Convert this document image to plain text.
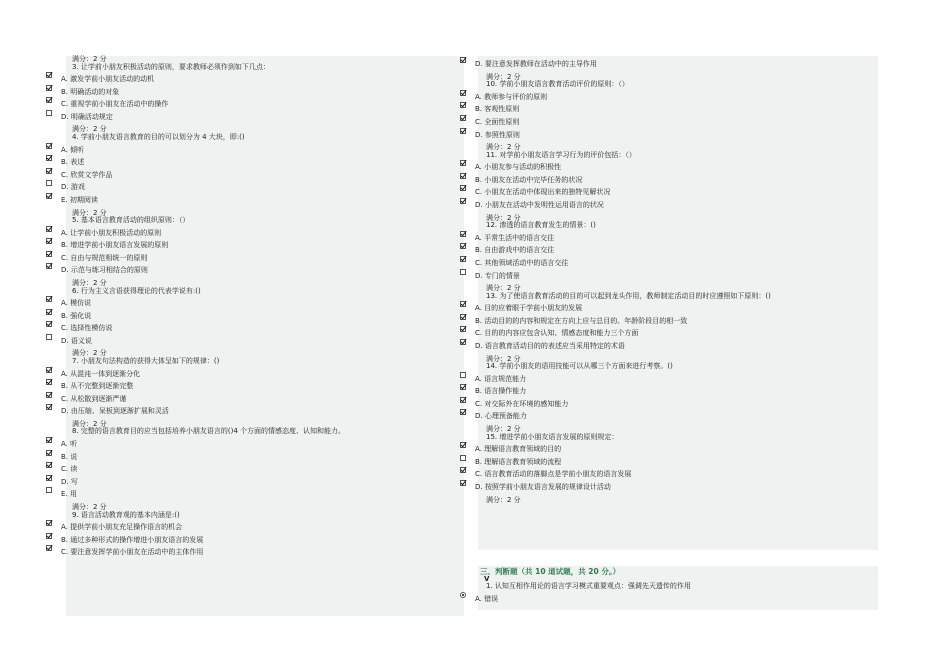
满分：2 分
3. 让学前小朋友积极活动的原则，要求教师必须作到如下几点：
A. 激发学前小朋友活动的动机
B. 明确活动的对象
C. 重视学前小朋友在活动中的操作
D. 明确活动规定
满分：2 分
4. 学前小朋友语言教育的目的可以划分为 4 大块，即:()
A. 倾听
B. 表述
C. 欣赏文学作品
D. 游戏
E. 初期阅读
满分：2 分
5. 基本语言教育活动的组织原则：（）
A. 让学前小朋友积极活动的原则
B. 增进学前小朋友语言发展的原则
C. 自由与规范相统一的原则
D. 示范与练习相结合的原则
满分：2 分
6. 行为主义言语获得理论的代表学说有:()
A. 模仿说
B. 强化说
C. 选择性模仿说
D. 语义说
满分：2 分
7. 小朋友句法构造的获得大体呈如下的规律：()
A. 从混沌一体到逐渐分化
B. 从不完整到逐渐完整
C. 从松散到逐渐严谨
D. 由压缩、呆板到逐渐扩展和灵活
满分：2 分
8. 完整的语言教育目的应当包括培养小朋友语言的()4 个方面的情感态度、认知和能力。
A. 听
B. 说
C. 读
D. 写
E. 用
满分：2 分
9. 语言活动教育观的基本内涵是:()
A. 提供学前小朋友充足操作语言的机会
B. 通过多种形式的操作增进小朋友语言的发展
C. 要注意发挥学前小朋友在活动中的主体作用
D. 要注意发挥教师在活动中的主导作用
满分：2 分
10. 学前小朋友语言教育活动评价的原则：（）
A. 教师参与评价的原则
B. 客观性原则
C. 全面性原则
D. 参照性原则
满分：2 分
11. 对学前小朋友语言学习行为的评价包括：（）
A. 小朋友参与活动的积极性
B. 小朋友在活动中完毕任务的状况
C. 小朋友在活动中体现出来的独特见解状况
D. 小朋友在活动中发明性运用语言的状况
满分：2 分
12. 渗透的语言教育发生的情景：()
A. 平常生活中的语言交往
B. 自由游戏中的语言交往
C. 其他领域活动中的语言交往
D. 专门的情景
满分：2 分
13. 为了使语言教育活动的目的可以起到龙头作用，教师制定活动目的时应遵照如下原则：()
A. 目的应着眼于学前小朋友的发展
B. 活动目的的内容和规定在方向上应与总目的、年龄阶段目的相一致
C. 目的的内容应包含认知、情感态度和能力三个方面
D. 语言教育活动目的的表述应当采用特定的术语
满分：2 分
14. 学前小朋友的语用技能可以从哪三个方面来进行考察。()
A. 语言规范能力
B. 语言操作能力
C. 对交际外在环境的感知能力
D. 心理预备能力
满分：2 分
15. 增进学前小朋友语言发展的原则规定：
A. 理解语言教育领域的目的
B. 理解语言教育领域的流程
C. 语言教育活动的落脚点是学前小朋友的语言发展
D. 按照学前小朋友语言发展的规律设计活动
满分：2 分
三、判断题（共 10 道试题，共 20 分。）
V
1. 认知互相作用论的语言学习模式重要观点：强调先天遗传的作用
A. 错误
